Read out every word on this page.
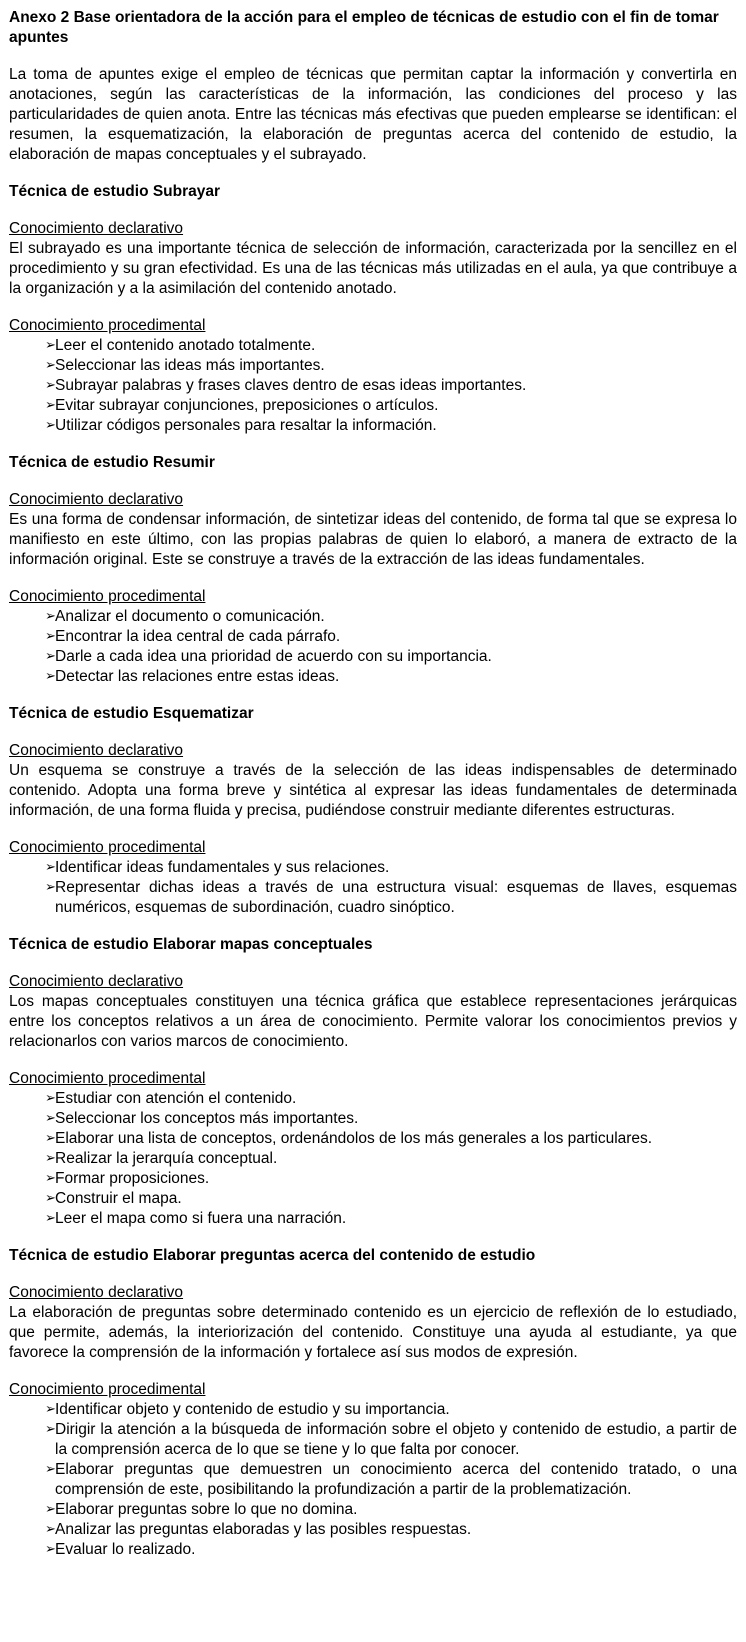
Anexo 2 Base orientadora de la acción para el empleo de técnicas de estudio con el fin de tomar apuntes

La toma de apuntes exige el empleo de técnicas que permitan captar la información y convertirla en anotaciones, según las características de la información, las condiciones del proceso y las particularidades de quien anota. Entre las técnicas más efectivas que pueden emplearse se identifican: el resumen, la esquematización, la elaboración de preguntas acerca del contenido de estudio, la elaboración de mapas conceptuales y el subrayado.

Técnica de estudio Subrayar
Conocimiento declarativo

El subrayado es una importante técnica de selección de información, caracterizada por la sencillez en el procedimiento y su gran efectividad. Es una de las técnicas más utilizadas en el aula, ya que contribuye a la organización y a la asimilación del contenido anotado.

Conocimiento procedimental
➢ Leer el contenido anotado totalmente.
➢ Seleccionar las ideas más importantes.
➢ Subrayar palabras y frases claves dentro de esas ideas importantes.
➢ Evitar subrayar conjunciones, preposiciones o artículos.
➢ Utilizar códigos personales para resaltar la información.
Técnica de estudio Resumir
Conocimiento declarativo

Es una forma de condensar información, de sintetizar ideas del contenido, de forma tal que se expresa lo manifiesto en este último, con las propias palabras de quien lo elaboró, a manera de extracto de la información original. Este se construye a través de la extracción de las ideas fundamentales.

Conocimiento procedimental
➢ Analizar el documento o comunicación.
➢ Encontrar la idea central de cada párrafo.
➢ Darle a cada idea una prioridad de acuerdo con su importancia.
➢ Detectar las relaciones entre estas ideas.
Técnica de estudio Esquematizar
Conocimiento declarativo

Un esquema se construye a través de la selección de las ideas indispensables de determinado contenido. Adopta una forma breve y sintética al expresar las ideas fundamentales de determinada información, de una forma fluida y precisa, pudiéndose construir mediante diferentes estructuras.

Conocimiento procedimental
➢ Identificar ideas fundamentales y sus relaciones.
➢ Representar dichas ideas a través de una estructura visual: esquemas de llaves, esquemas numéricos, esquemas de subordinación, cuadro sinóptico.
Técnica de estudio Elaborar mapas conceptuales
Conocimiento declarativo

Los mapas conceptuales constituyen una técnica gráfica que establece representaciones jerárquicas entre los conceptos relativos a un área de conocimiento. Permite valorar los conocimientos previos y relacionarlos con varios marcos de conocimiento.

Conocimiento procedimental
➢ Estudiar con atención el contenido.
➢ Seleccionar los conceptos más importantes.
➢ Elaborar una lista de conceptos, ordenándolos de los más generales a los particulares.
➢ Realizar la jerarquía conceptual.
➢ Formar proposiciones.
➢ Construir el mapa.
➢ Leer el mapa como si fuera una narración.
Técnica de estudio Elaborar preguntas acerca del contenido de estudio
Conocimiento declarativo

La elaboración de preguntas sobre determinado contenido es un ejercicio de reflexión de lo estudiado, que permite, además, la interiorización del contenido. Constituye una ayuda al estudiante, ya que favorece la comprensión de la información y fortalece así sus modos de expresión.

Conocimiento procedimental
➢ Identificar objeto y contenido de estudio y su importancia.
➢ Dirigir la atención a la búsqueda de información sobre el objeto y contenido de estudio, a partir de la comprensión acerca de lo que se tiene y lo que falta por conocer.
➢ Elaborar preguntas que demuestren un conocimiento acerca del contenido tratado, o una comprensión de este, posibilitando la profundización a partir de la problematización.
➢ Elaborar preguntas sobre lo que no domina.
➢ Analizar las preguntas elaboradas y las posibles respuestas.
➢ Evaluar lo realizado.
